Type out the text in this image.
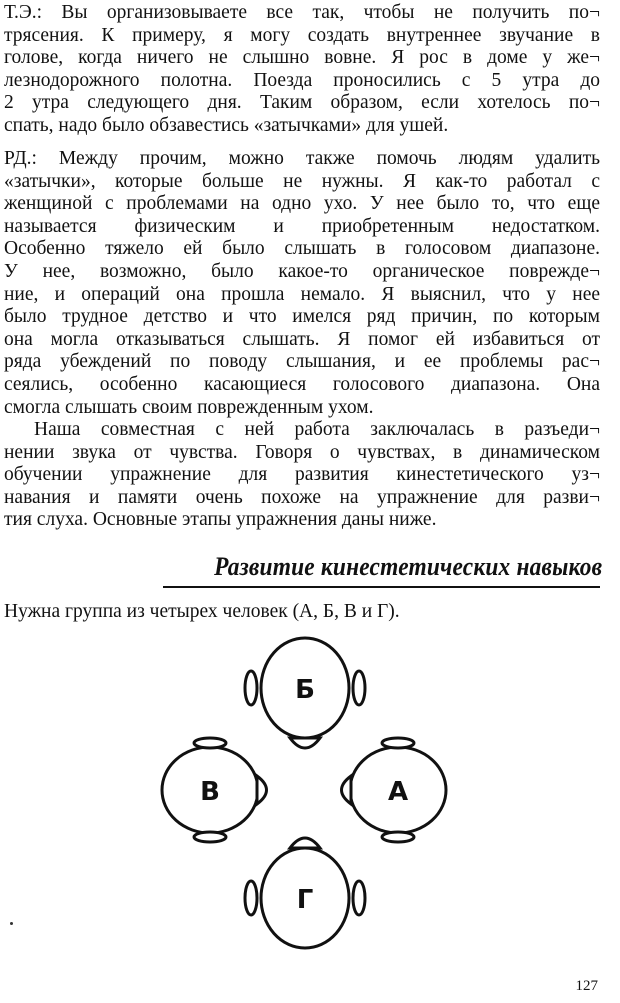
Т.Э.: Вы организовываете все так, чтобы не получить по¬
трясения. К примеру, я могу создать внутреннее звучание в
голове, когда ничего не слышно вовне. Я рос в доме у же¬
лезнодорожного полотна. Поезда проносились с 5 утра до
2 утра следующего дня. Таким образом, если хотелось по¬
спать, надо было обзавестись «затычками» для ушей.

РД.: Между прочим, можно также помочь людям удалить
«затычки», которые больше не нужны. Я как-то работал с
женщиной с проблемами на одно ухо. У нее было то, что еще
называется физическим и приобретенным недостатком.
Особенно тяжело ей было слышать в голосовом диапазоне.
У нее, возможно, было какое-то органическое поврежде¬
ние, и операций она прошла немало. Я выяснил, что у нее
было трудное детство и что имелся ряд причин, по которым
она могла отказываться слышать. Я помог ей избавиться от
ряда убеждений по поводу слышания, и ее проблемы рас¬
сеялись, особенно касающиеся голосового диапазона. Она
смогла слышать своим поврежденным ухом.

Наша совместная с ней работа заключалась в разъеди¬
нении звука от чувства. Говоря о чувствах, в динамическом
обучении упражнение для развития кинестетического уз¬
навания и памяти очень похоже на упражнение для разви¬
тия слуха. Основные этапы упражнения даны ниже.

Развитие кинестетических навыков
Нужна группа из четырех человек (А, Б, В и Г).
Б
В	А
Г
127
